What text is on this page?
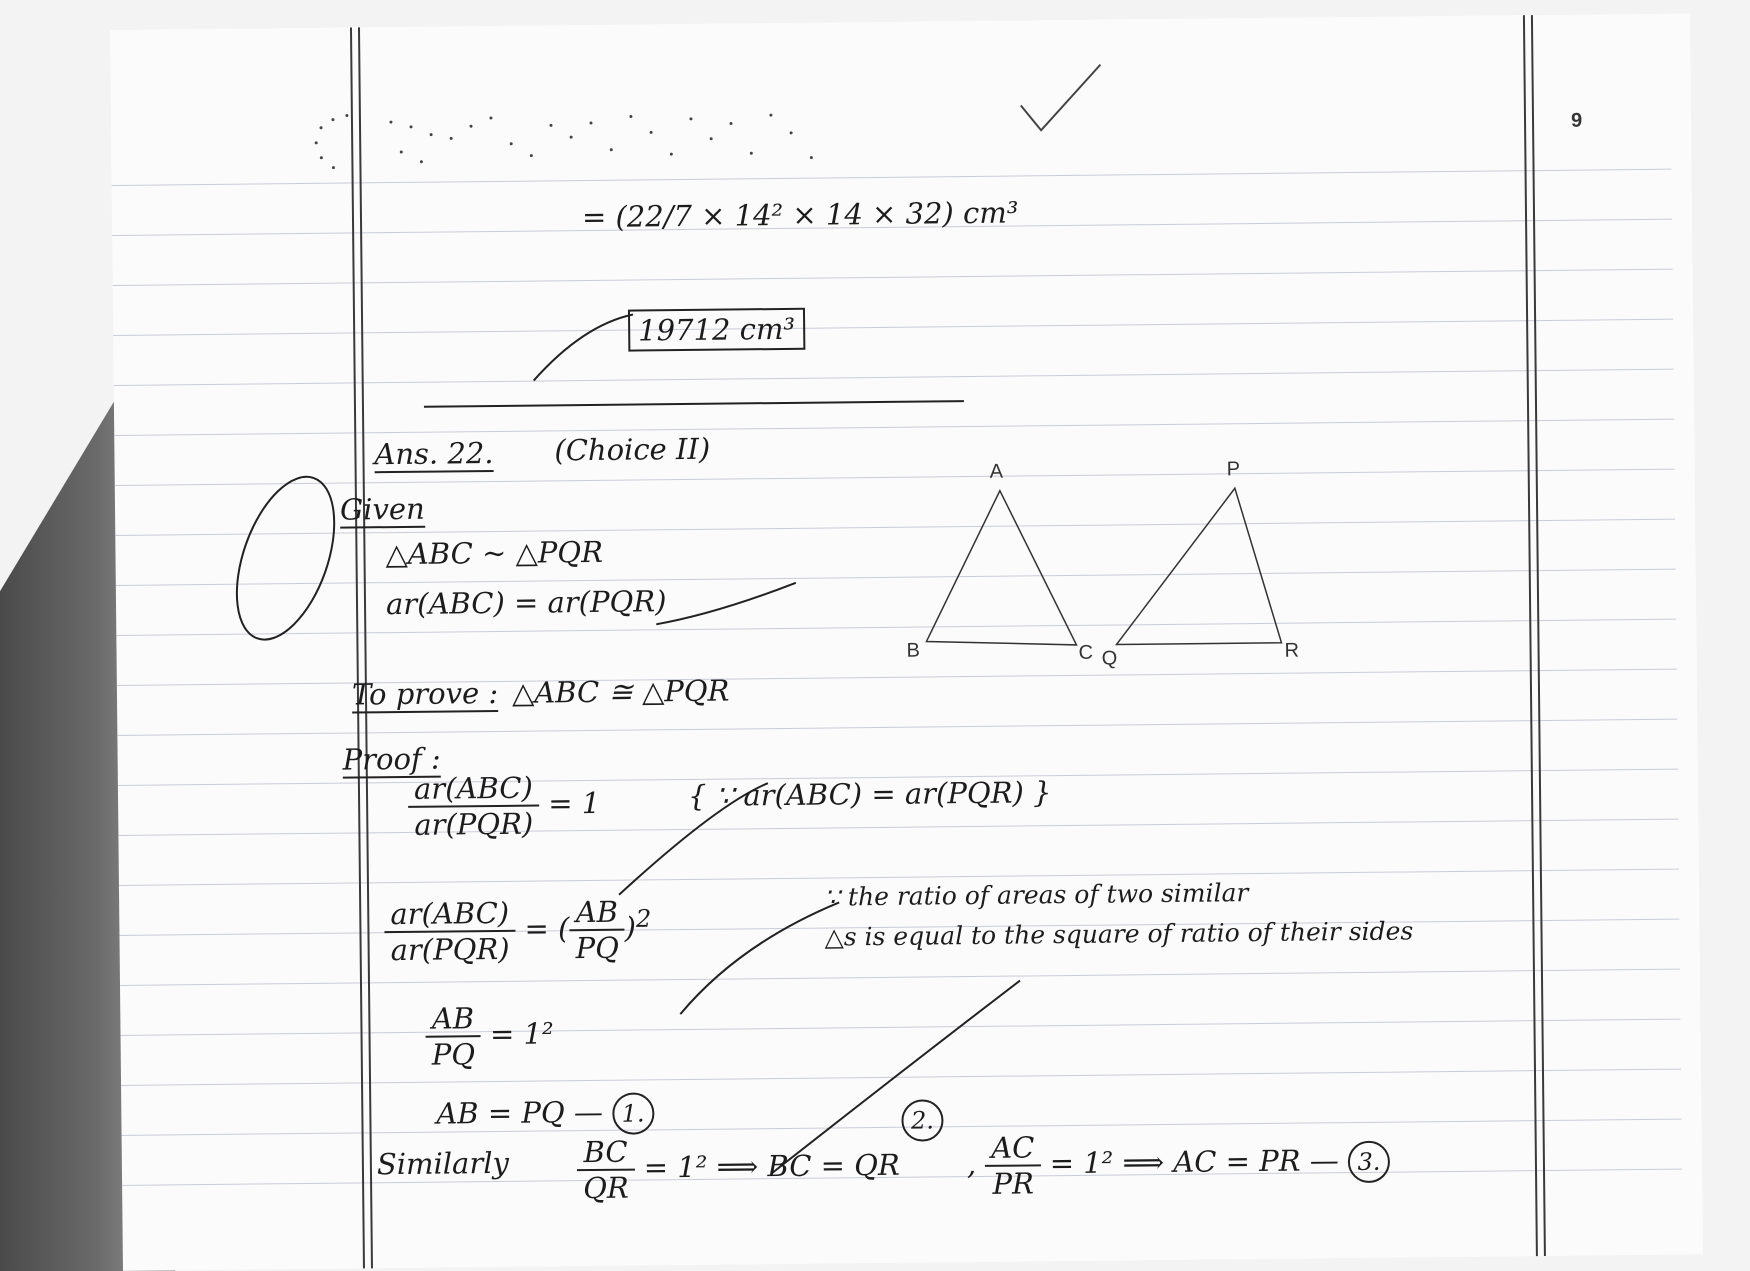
9
A
B	C
P
Q	R
= (22/7 × 14² × 14 × 32) cm³
19712 cm³
Ans. 22. (Choice II)
Given
△ABC ~ △PQR
ar(ABC) = ar(PQR)
To prove : △ABC ≅ △PQR
Proof :
$\frac{\text{ar(ABC)}}{\text{ar(PQR)}} = 1$	{ ∵ ar(ABC) = ar(PQR) }
$\frac{\text{ar(ABC)}}{\text{ar(PQR)}}$ = ( $\frac{AB}{PQ} )^2$
∵ the ratio of areas of two similar
△s is equal to the square of ratio of their sides
$\frac{AB}{PQ} = 1^2$
AB = PQ — 1.	2.
Similarly $\frac{BC}{QR} = 1^2$ ⟹ BC = QR , $\frac{AC}{PR} = 1^2$ ⟹ AC = PR — 3.
